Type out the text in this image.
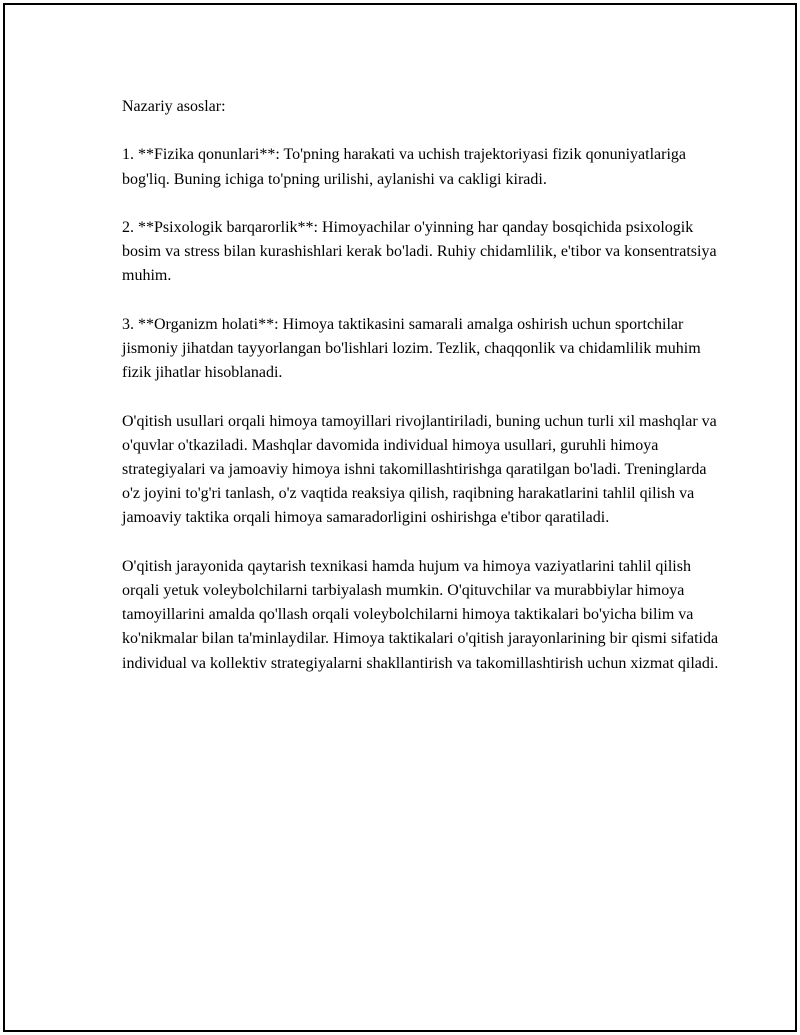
Nazariy asoslar:

1. **Fizika qonunlari**: To'pning harakati va uchish trajektoriyasi fizik qonuniyatlariga bog'liq. Buning ichiga to'pning urilishi, aylanishi va cakligi kiradi.

2. **Psixologik barqarorlik**: Himoyachilar o'yinning har qanday bosqichida psixologik bosim va stress bilan kurashishlari kerak bo'ladi. Ruhiy chidamlilik, e'tibor va konsentratsiya muhim.

3. **Organizm holati**: Himoya taktikasini samarali amalga oshirish uchun sportchilar jismoniy jihatdan tayyorlangan bo'lishlari lozim. Tezlik, chaqqonlik va chidamlilik muhim fizik jihatlar hisoblanadi.

O'qitish usullari orqali himoya tamoyillari rivojlantiriladi, buning uchun turli xil mashqlar va o'quvlar o'tkaziladi. Mashqlar davomida individual himoya usullari, guruhli himoya strategiyalari va jamoaviy himoya ishni takomillashtirishga qaratilgan bo'ladi. Treninglarda o'z joyini to'g'ri tanlash, o'z vaqtida reaksiya qilish, raqibning harakatlarini tahlil qilish va jamoaviy taktika orqali himoya samaradorligini oshirishga e'tibor qaratiladi.

O'qitish jarayonida qaytarish texnikasi hamda hujum va himoya vaziyatlarini tahlil qilish orqali yetuk voleybolchilarni tarbiyalash mumkin. O'qituvchilar va murabbiylar himoya tamoyillarini amalda qo'llash orqali voleybolchilarni himoya taktikalari bo'yicha bilim va ko'nikmalar bilan ta'minlaydilar. Himoya taktikalari o'qitish jarayonlarining bir qismi sifatida individual va kollektiv strategiyalarni shakllantirish va takomillashtirish uchun xizmat qiladi.
